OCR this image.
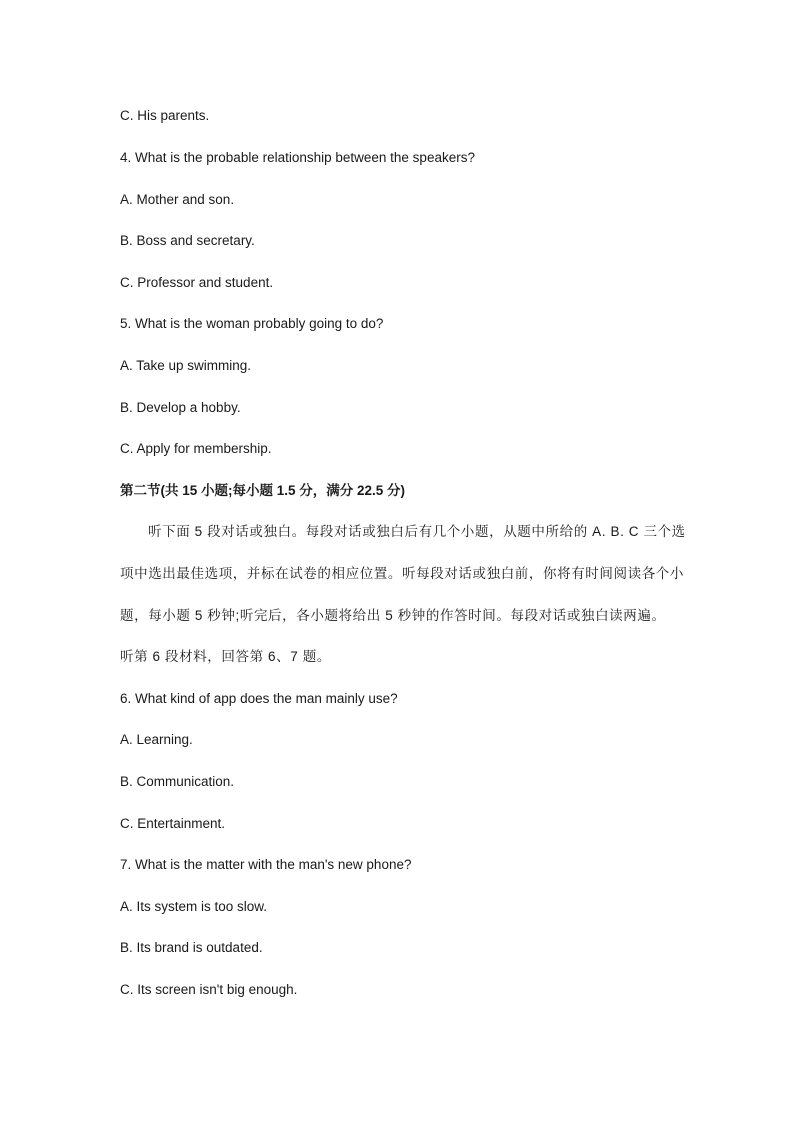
C. His parents.
4. What is the probable relationship between the speakers?
A. Mother and son.
B. Boss and secretary.
C. Professor and student.
5. What is the woman probably going to do?
A. Take up swimming.
B. Develop a hobby.
C. Apply for membership.
第二节(共 15 小题;每小题 1.5 分，满分 22.5 分)
听下面 5 段对话或独白。每段对话或独白后有几个小题，从题中所给的 A. B. C 三个选
项中选出最佳选项，并标在试卷的相应位置。听每段对话或独白前，你将有时间阅读各个小
题，每小题 5 秒钟;听完后，各小题将给出 5 秒钟的作答时间。每段对话或独白读两遍。
听第 6 段材料，回答第 6、7 题。
6. What kind of app does the man mainly use?
A. Learning.
B. Communication.
C. Entertainment.
7. What is the matter with the man's new phone?
A. Its system is too slow.
B. Its brand is outdated.
C. Its screen isn't big enough.
